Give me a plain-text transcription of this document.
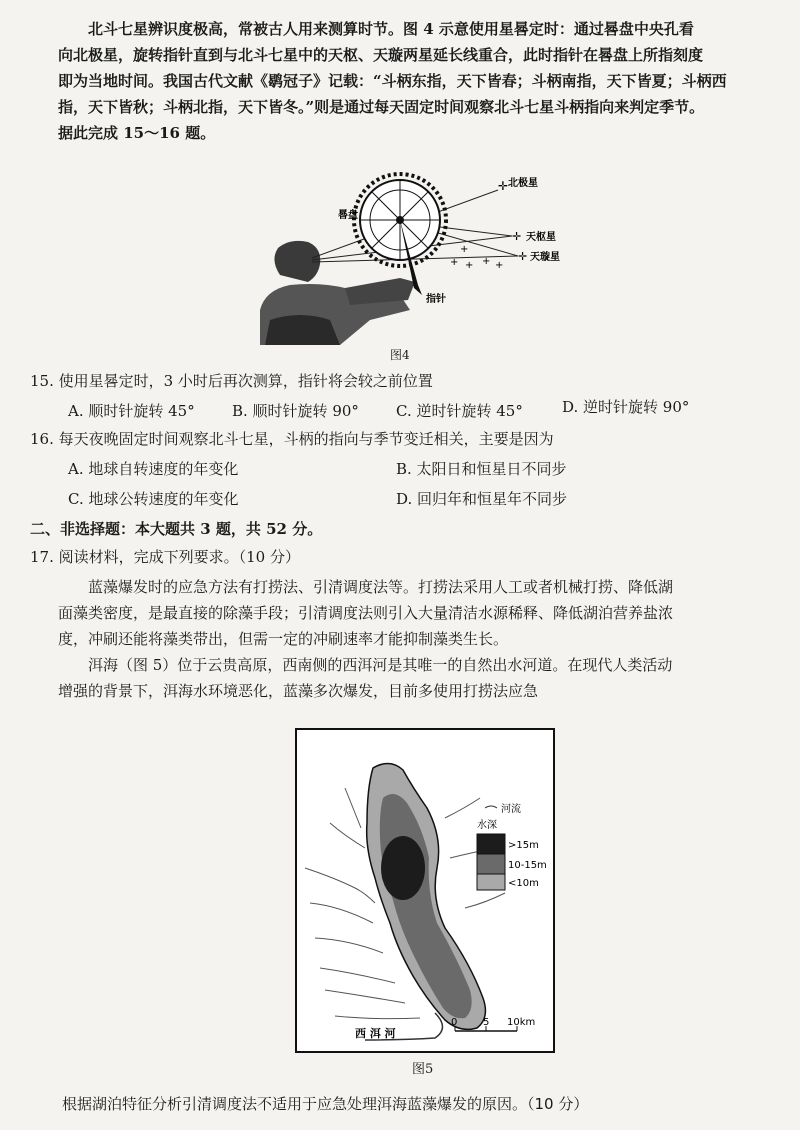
北斗七星辨识度极高，常被古人用来测算时节。图 4 示意使用星晷定时：通过晷盘中央孔看
向北极星，旋转指针直到与北斗七星中的天枢、天璇两星延长线重合，此时指针在晷盘上所指刻度
即为当地时间。我国古代文献《鹖冠子》记载：“斗柄东指，天下皆春；斗柄南指，天下皆夏；斗柄西
指，天下皆秋；斗柄北指，天下皆冬。”则是通过每天固定时间观察北斗七星斗柄指向来判定季节。
据此完成 15～16 题。
✛
✛
✛
+ + + +
+
北极星
晷盘
天枢星
天璇星
指针
图4
15. 使用星晷定时，3 小时后再次测算，指针将会较之前位置
A. 顺时针旋转 45° B. 顺时针旋转 90° C. 逆时针旋转 45°	D. 逆时针旋转 90°
16. 每天夜晚固定时间观察北斗七星，斗柄的指向与季节变迁相关，主要是因为
A. 地球自转速度的年变化	B. 太阳日和恒星日不同步
C. 地球公转速度的年变化	D. 回归年和恒星年不同步
二、非选择题：本大题共 3 题，共 52 分。
17. 阅读材料，完成下列要求。（10 分）
蓝藻爆发时的应急方法有打捞法、引清调度法等。打捞法采用人工或者机械打捞、降低湖
面藻类密度，是最直接的除藻手段；引清调度法则引入大量清洁水源稀释、降低湖泊营养盐浓
度，冲刷还能将藻类带出，但需一定的冲刷速率才能抑制藻类生长。
洱海（图 5）位于云贵高原，西南侧的西洱河是其唯一的自然出水河道。在现代人类活动
增强的背景下，洱海水环境恶化，蓝藻多次爆发，目前多使用打捞法应急
河流
水深
>15m
10-15m
<10m
西 洱 河
0	5 10km
图5
根据湖泊特征分析引清调度法不适用于应急处理洱海蓝藻爆发的原因。（10 分）
